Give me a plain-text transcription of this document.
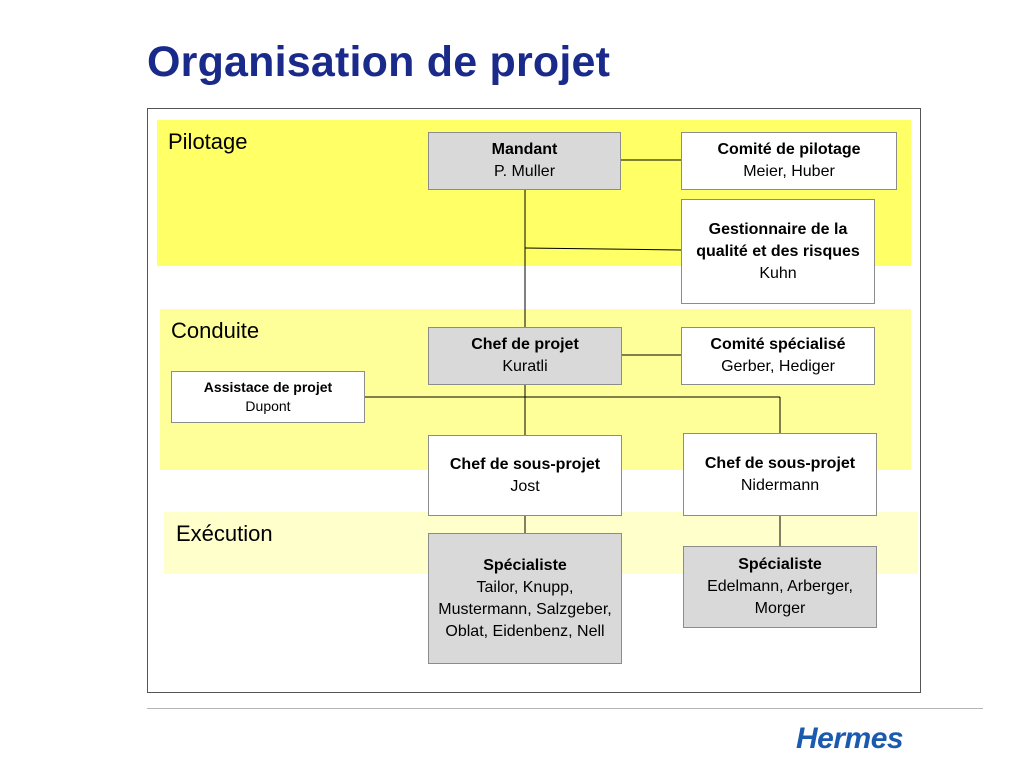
Organisation de projet
Pilotage
Conduite
Exécution
Mandant
P. Muller
Comité de pilotage
Meier, Huber
Gestionnaire de la qualité et des risques
Kuhn
Chef de projet
Kuratli
Comité spécialisé
Gerber, Hediger
Assistace de projet
Dupont
Chef de sous-projet
Jost
Chef de sous-projet
Nidermann
Spécialiste
Tailor, Knupp, Mustermann, Salzgeber, Oblat, Eidenbenz, Nell
Spécialiste
Edelmann, Arberger, Morger
Hermes
